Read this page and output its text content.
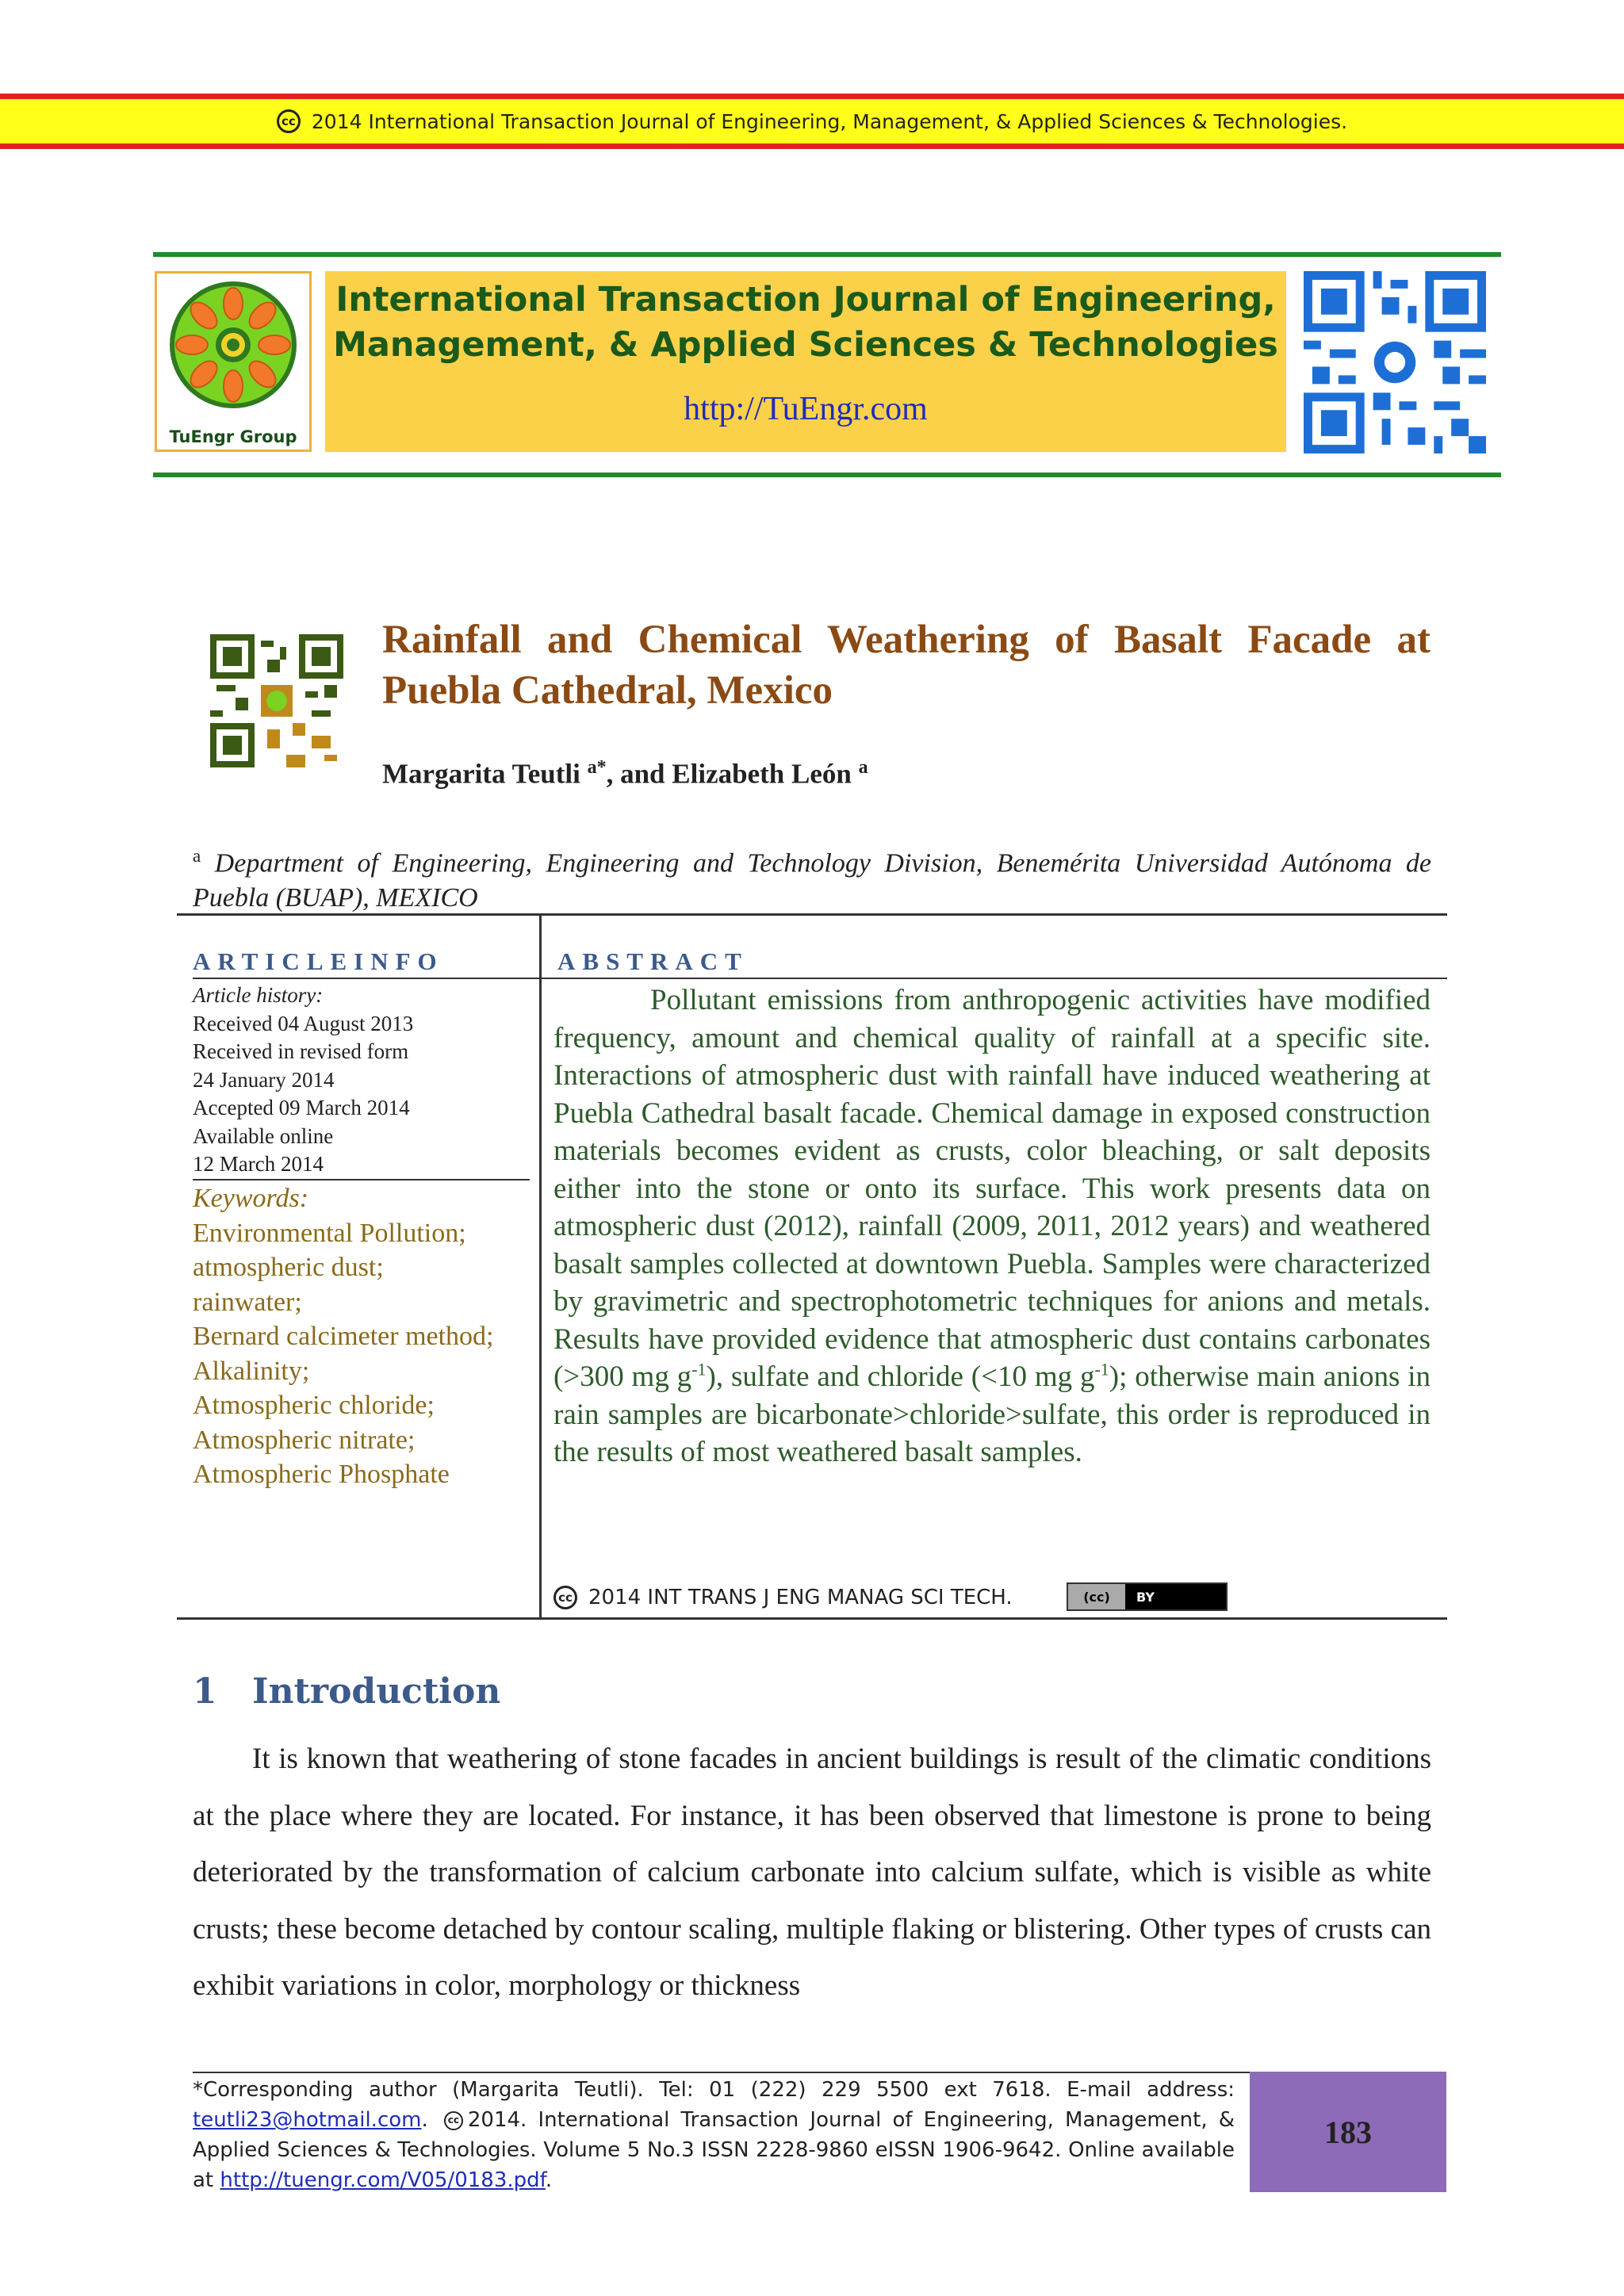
cc 2014 International Transaction Journal of Engineering, Management, & Applied Sciences & Technologies.
TuEngr Group
International Transaction Journal of Engineering,
Management, & Applied Sciences & Technologies
http://TuEngr.com
Rainfall and Chemical Weathering of Basalt Facade at Puebla Cathedral, Mexico
Margarita Teutli $^{a*}$, and Elizabeth León $^a$
$^a$ Department of Engineering, Engineering and Technology Division, Benemérita Universidad Autónoma de Puebla (BUAP), MEXICO
ARTICLEINFO	ABSTRACT
Article history:
Received 04 August 2013
Received in revised form
24 January 2014
Accepted 09 March 2014
Available online
12 March 2014
Keywords:
Environmental Pollution;
atmospheric dust;
rainwater;
Bernard calcimeter method;
Alkalinity;
Atmospheric chloride;
Atmospheric nitrate;
Atmospheric Phosphate
Pollutant emissions from anthropogenic activities have modified frequency, amount and chemical quality of rainfall at a specific site. Interactions of atmospheric dust with rainfall have induced weathering at Puebla Cathedral basalt facade. Chemical damage in exposed construction materials becomes evident as crusts, color bleaching, or salt deposits either into the stone or onto its surface. This work presents data on atmospheric dust (2012), rainfall (2009, 2011, 2012 years) and weathered basalt samples collected at downtown Puebla. Samples were characterized by gravimetric and spectrophotometric techniques for anions and metals. Results have provided evidence that atmospheric dust contains carbonates (>300 mg $g^{-1}$), sulfate and chloride (<10 mg $g^{-1}$); otherwise main anions in rain samples are bicarbonate>chloride>sulfate, this order is reproduced in the results of most weathered basalt samples.
cc 2014 INT TRANS J ENG MANAG SCI TECH.	(cc)	BY
1 Introduction
It is known that weathering of stone facades in ancient buildings is result of the climatic conditions at the place where they are located. For instance, it has been observed that limestone is prone to being deteriorated by the transformation of calcium carbonate into calcium sulfate, which is visible as white crusts; these become detached by contour scaling, multiple flaking or blistering. Other types of crusts can exhibit variations in color, morphology or thickness
*Corresponding author (Margarita Teutli). Tel: 01 (222) 229 5500 ext 7618. E-mail address: teutli23@hotmail.com. cc 2014. International Transaction Journal of Engineering, Management, & Applied Sciences & Technologies. Volume 5 No.3 ISSN 2228-9860 eISSN 1906-9642. Online available at http://tuengr.com/V05/0183.pdf.
183
